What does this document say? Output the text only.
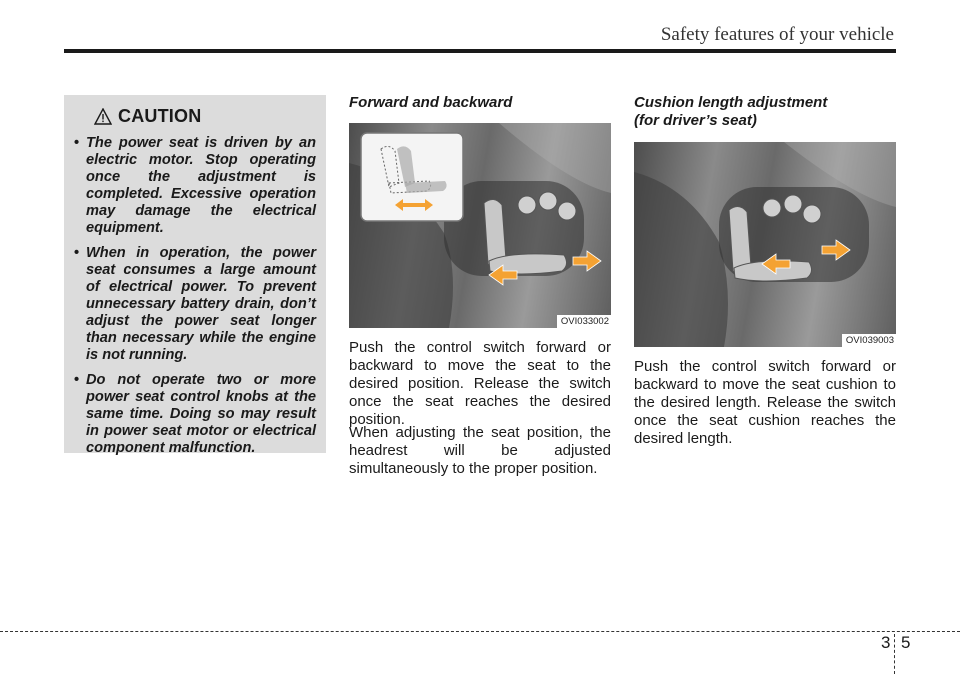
Safety features of your vehicle
CAUTION
• The power seat is driven by an electric motor. Stop operating once the adjustment is completed. Excessive operation may damage the electrical equipment.
• When in operation, the power seat consumes a large amount of electrical power. To prevent unnecessary battery drain, don’t adjust the power seat longer than necessary while the engine is not running.
• Do not operate two or more power seat control knobs at the same time. Doing so may result in power seat motor or electrical component malfunction.
Forward and backward
OVI033002

Push the control switch forward or backward to move the seat to the desired position. Release the switch once the seat reaches the desired position.

When adjusting the seat position, the headrest will be adjusted simultaneously to the proper position.

Cushion length adjustment
(for driver’s seat)
OVI039003

Push the control switch forward or backward to move the seat cushion to the desired length. Release the switch once the seat cushion reaches the desired length.

3 5
